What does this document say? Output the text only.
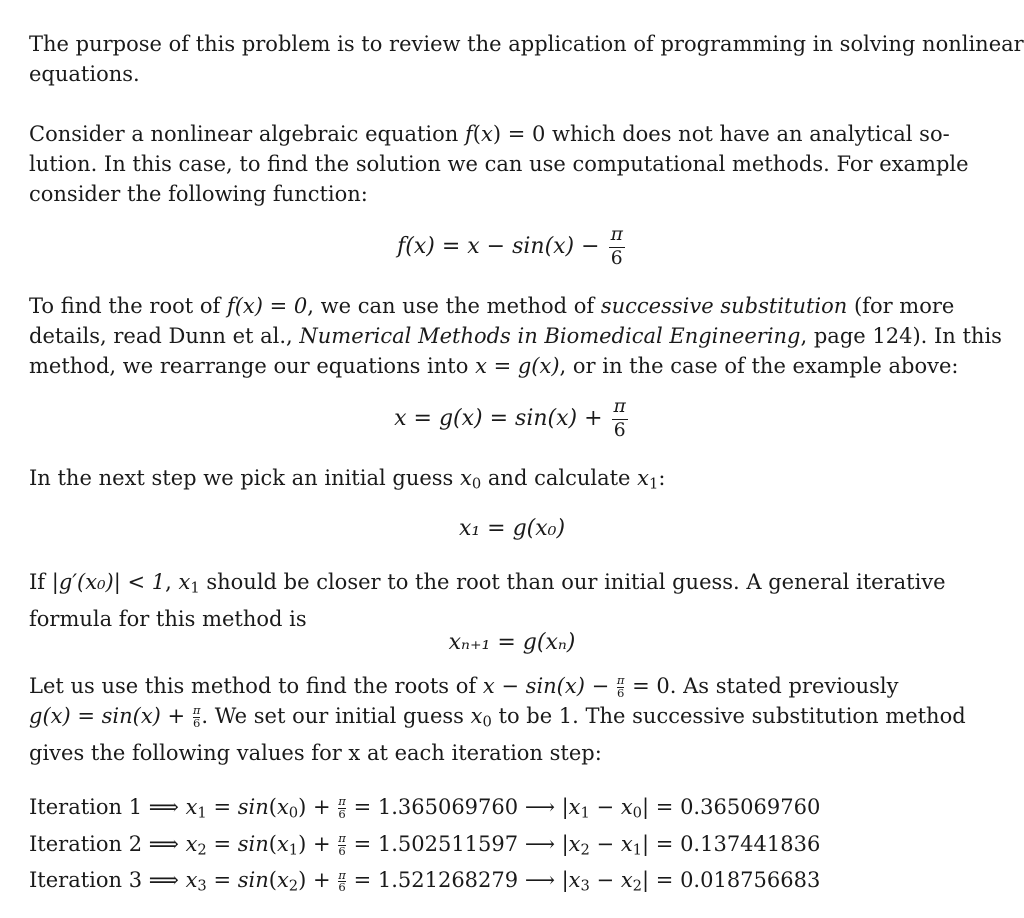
The purpose of this problem is to review the application of programming in solving nonlinear
equations.
Consider a nonlinear algebraic equation f(x) = 0 which does not have an analytical so-
lution. In this case, to find the solution we can use computational methods. For example
consider the following function:
$f(x) = x - \sin(x) - \frac{\pi}{6}$
To find the root of f(x) = 0, we can use the method of successive substitution (for more
details, read Dunn et al., Numerical Methods in Biomedical Engineering, page 124). In this
method, we rearrange our equations into x = g(x), or in the case of the example above:
$x = g(x) = \sin(x) + \frac{\pi}{6}$
In the next step we pick an initial guess $x_0$ and calculate $x_1$:
x₁ = g(x₀)
If |g′(x₀)| < 1, $x_1$ should be closer to the root than our initial guess. A general iterative
formula for this method is
xₙ₊₁ = g(xₙ)
Let us use this method to find the roots of $x - \sin(x) - \frac{\pi}{6} = 0$. As stated previously
$g(x) = \sin(x) + \frac{\pi}{6}$ . We set our initial guess $x_0$ to be 1. The successive substitution method
gives the following values for x at each iteration step:
Iteration 1 ⟹ $x_1 = \sin(x_0) + \frac{\pi}{6} = 1.365069760$ ⟶ $|x_1 - x_0| = 0.365069760$
Iteration 2 ⟹ $x_2 = \sin(x_1) + \frac{\pi}{6} = 1.502511597$ ⟶ $|x_2 - x_1| = 0.137441836$
Iteration 3 ⟹ $x_3 = \sin(x_2) + \frac{\pi}{6} = 1.521268279$ ⟶ $|x_3 - x_2| = 0.018756683$
